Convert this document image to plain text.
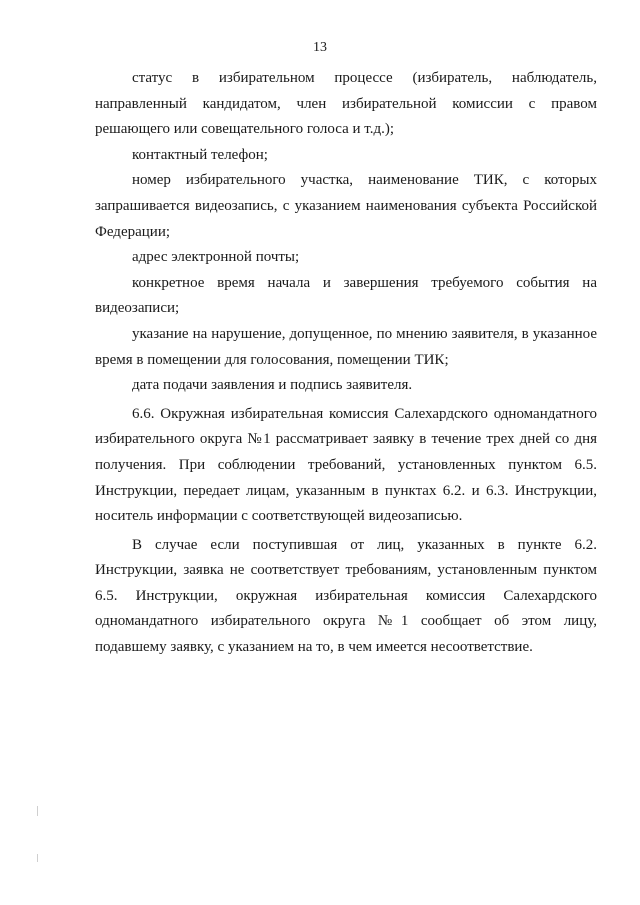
13
статус в избирательном процессе (избиратель, наблюдатель,
направленный кандидатом, член избирательной комиссии с правом
решающего или совещательного голоса и т.д.);
контактный телефон;
номер избирательного участка, наименование ТИК, с которых
запрашивается видеозапись, с указанием наименования субъекта Российской
Федерации;
адрес электронной почты;
конкретное время начала и завершения требуемого события на
видеозаписи;
указание на нарушение, допущенное, по мнению заявителя, в указанное
время в помещении для голосования, помещении ТИК;
дата подачи заявления и подпись заявителя.
6.6. Окружная избирательная комиссия Салехардского одномандатного
избирательного округа №1 рассматривает заявку в течение трех дней со дня
получения. При соблюдении требований, установленных пунктом 6.5.
Инструкции, передает лицам, указанным в пунктах 6.2. и 6.3. Инструкции,
носитель информации с соответствующей видеозаписью.
В случае если поступившая от лиц, указанных в пункте 6.2.
Инструкции, заявка не соответствует требованиям, установленным пунктом
6.5. Инструкции, окружная избирательная комиссия Салехардского
одномандатного избирательного округа №1 сообщает об этом лицу,
подавшему заявку, с указанием на то, в чем имеется несоответствие.
